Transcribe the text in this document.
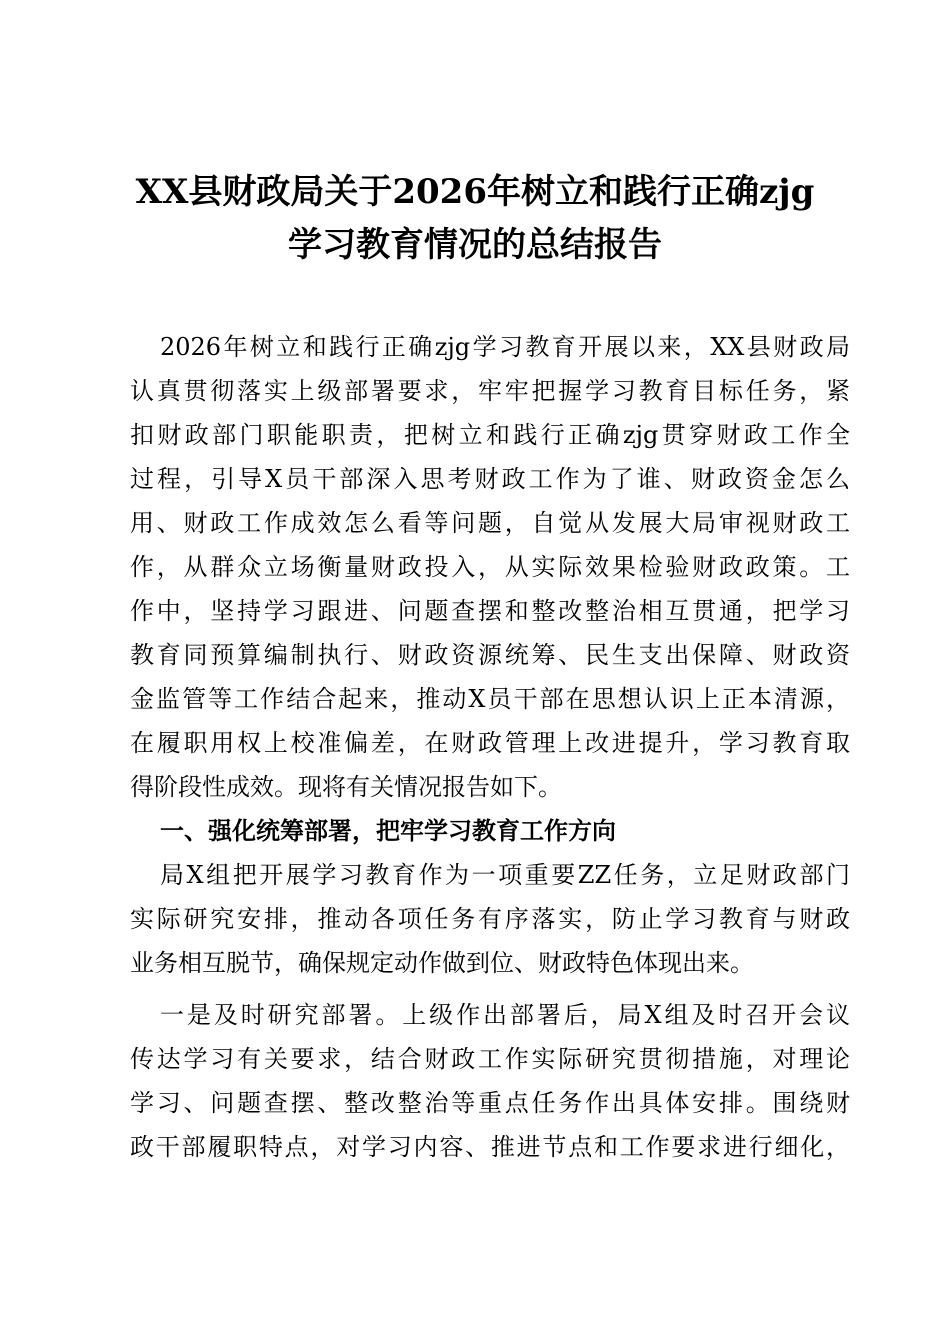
XX县财政局关于2026年树立和践行正确zjg
学习教育情况的总结报告
2026年树立和践行正确zjg学习教育开展以来，XX县财政局
认真贯彻落实上级部署要求，牢牢把握学习教育目标任务，紧
扣财政部门职能职责，把树立和践行正确zjg贯穿财政工作全
过程，引导X员干部深入思考财政工作为了谁、财政资金怎么
用、财政工作成效怎么看等问题，自觉从发展大局审视财政工
作，从群众立场衡量财政投入，从实际效果检验财政政策。工
作中，坚持学习跟进、问题查摆和整改整治相互贯通，把学习
教育同预算编制执行、财政资源统筹、民生支出保障、财政资
金监管等工作结合起来，推动X员干部在思想认识上正本清源，
在履职用权上校准偏差，在财政管理上改进提升，学习教育取
得阶段性成效。现将有关情况报告如下。
一、强化统筹部署，把牢学习教育工作方向
局X组把开展学习教育作为一项重要ZZ任务，立足财政部门
实际研究安排，推动各项任务有序落实，防止学习教育与财政
业务相互脱节，确保规定动作做到位、财政特色体现出来。
一是及时研究部署。上级作出部署后，局X组及时召开会议
传达学习有关要求，结合财政工作实际研究贯彻措施，对理论
学习、问题查摆、整改整治等重点任务作出具体安排。围绕财
政干部履职特点，对学习内容、推进节点和工作要求进行细化，
